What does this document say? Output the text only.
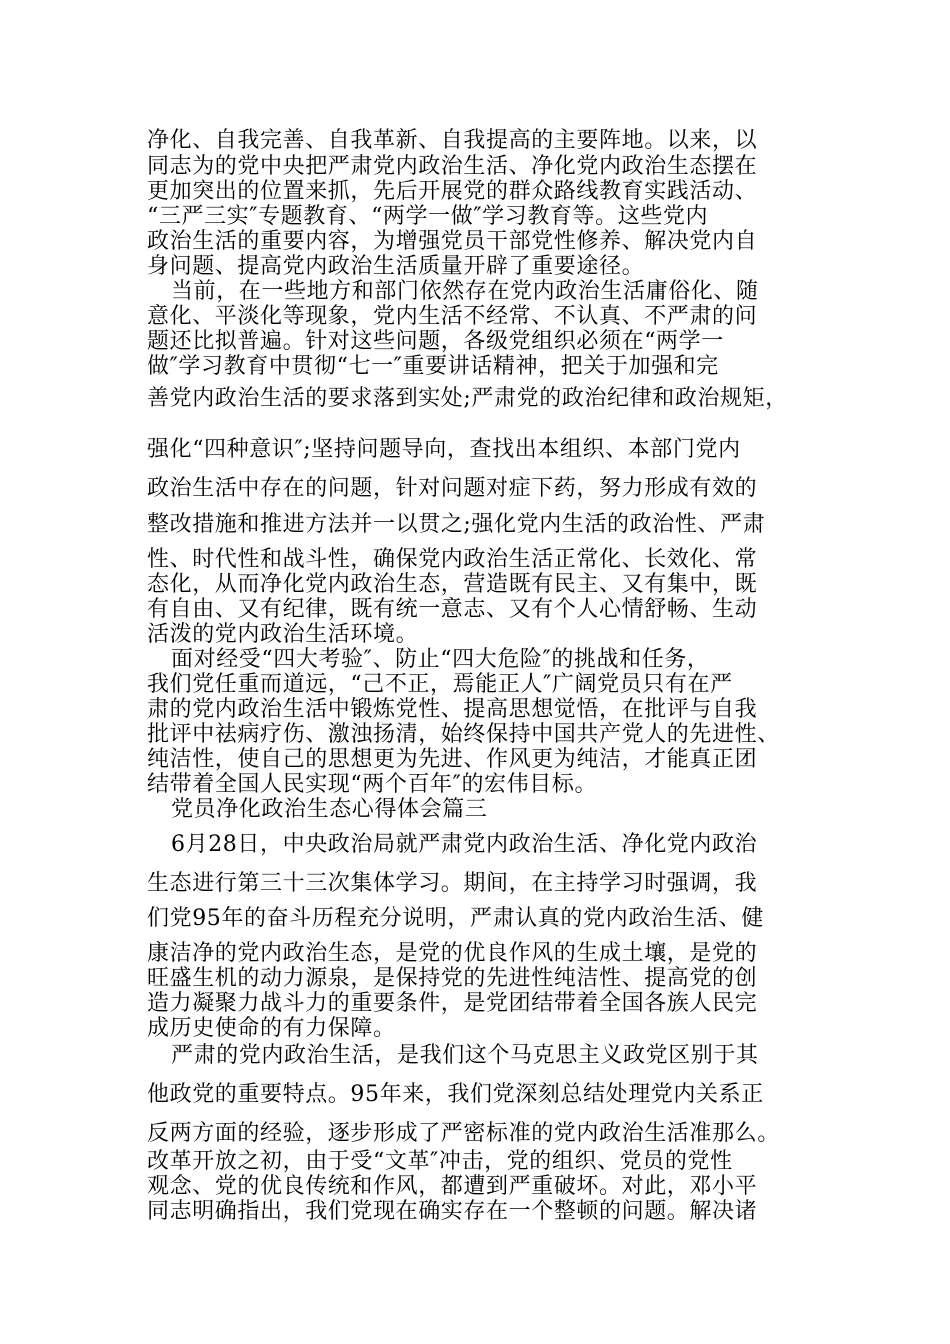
净化、自我完善、自我革新、自我提高的主要阵地。以来，以
同志为的党中央把严肃党内政治生活、净化党内政治生态摆在
更加突出的位置来抓，先后开展党的群众路线教育实践活动、
“三严三实″专题教育、“两学一做″学习教育等。这些党内
政治生活的重要内容，为增强党员干部党性修养、解决党内自
身问题、提高党内政治生活质量开辟了重要途径。
当前，在一些地方和部门依然存在党内政治生活庸俗化、随
意化、平淡化等现象，党内生活不经常、不认真、不严肃的问
题还比拟普遍。针对这些问题，各级党组织必须在“两学一
做″学习教育中贯彻“七一″重要讲话精神，把关于加强和完
善党内政治生活的要求落到实处;严肃党的政治纪律和政治规矩，
强化“四种意识″;坚持问题导向，查找出本组织、本部门党内
政治生活中存在的问题，针对问题对症下药，努力形成有效的
整改措施和推进方法并一以贯之;强化党内生活的政治性、严肃
性、时代性和战斗性，确保党内政治生活正常化、长效化、常
态化，从而净化党内政治生态，营造既有民主、又有集中，既
有自由、又有纪律，既有统一意志、又有个人心情舒畅、生动
活泼的党内政治生活环境。
面对经受“四大考验″、防止“四大危险″的挑战和任务，
我们党任重而道远，“己不正，焉能正人″广阔党员只有在严
肃的党内政治生活中锻炼党性、提高思想觉悟，在批评与自我
批评中祛病疗伤、激浊扬清，始终保持中国共产党人的先进性、
纯洁性，使自己的思想更为先进、作风更为纯洁，才能真正团
结带着全国人民实现“两个百年″的宏伟目标。
党员净化政治生态心得体会篇三
6月28日，中央政治局就严肃党内政治生活、净化党内政治
生态进行第三十三次集体学习。期间，在主持学习时强调，我
们党95年的奋斗历程充分说明，严肃认真的党内政治生活、健
康洁净的党内政治生态，是党的优良作风的生成土壤，是党的
旺盛生机的动力源泉，是保持党的先进性纯洁性、提高党的创
造力凝聚力战斗力的重要条件，是党团结带着全国各族人民完
成历史使命的有力保障。
严肃的党内政治生活，是我们这个马克思主义政党区别于其
他政党的重要特点。95年来，我们党深刻总结处理党内关系正
反两方面的经验，逐步形成了严密标准的党内政治生活准那么。
改革开放之初，由于受“文革″冲击，党的组织、党员的党性
观念、党的优良传统和作风，都遭到严重破坏。对此，邓小平
同志明确指出，我们党现在确实存在一个整顿的问题。解决诸
